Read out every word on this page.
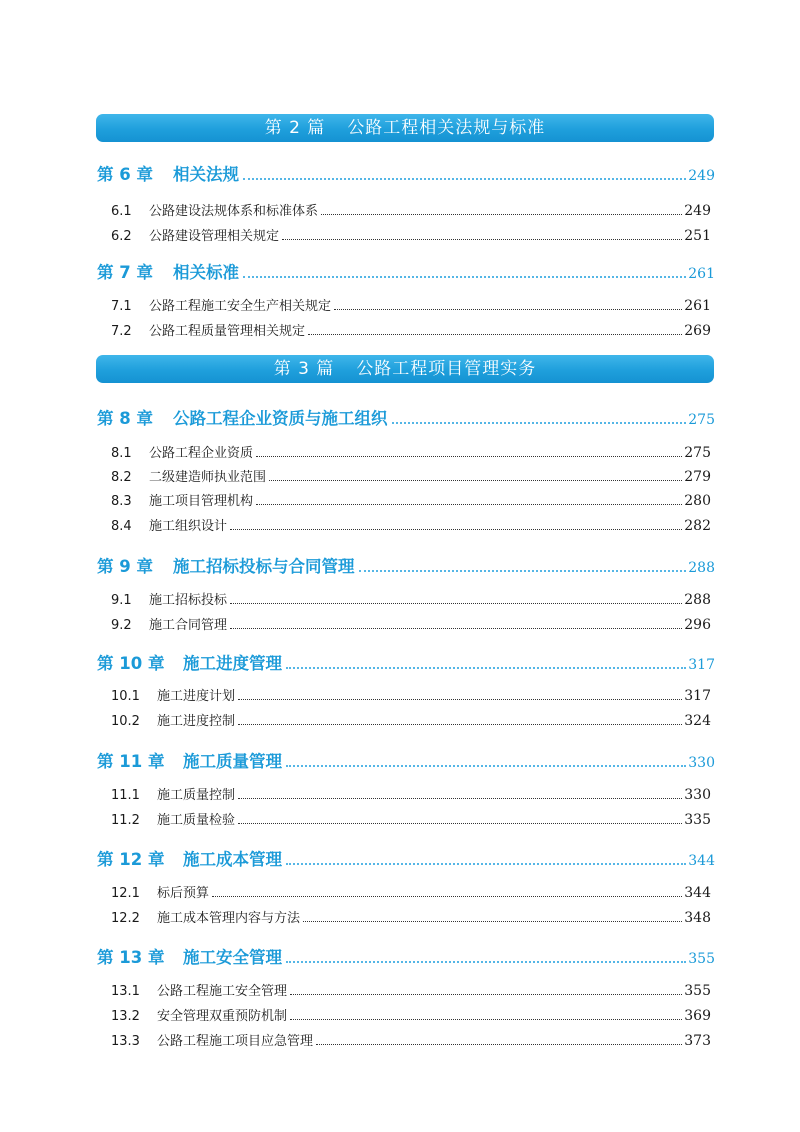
第 2 篇 公路工程相关法规与标准
第 6 章	相关法规	249
6.1	公路建设法规体系和标准体系	249
6.2	公路建设管理相关规定	251
第 7 章	相关标准	261
7.1	公路工程施工安全生产相关规定	261
7.2	公路工程质量管理相关规定	269
第 3 篇 公路工程项目管理实务
第 8 章	公路工程企业资质与施工组织	275
8.1	公路工程企业资质	275
8.2	二级建造师执业范围	279
8.3	施工项目管理机构	280
8.4	施工组织设计	282
第 9 章	施工招标投标与合同管理	288
9.1	施工招标投标	288
9.2	施工合同管理	296
第 10 章	施工进度管理	317
10.1	施工进度计划	317
10.2	施工进度控制	324
第 11 章	施工质量管理	330
11.1	施工质量控制	330
11.2	施工质量检验	335
第 12 章	施工成本管理	344
12.1	标后预算	344
12.2	施工成本管理内容与方法	348
第 13 章	施工安全管理	355
13.1	公路工程施工安全管理	355
13.2	安全管理双重预防机制	369
13.3	公路工程施工项目应急管理	373
